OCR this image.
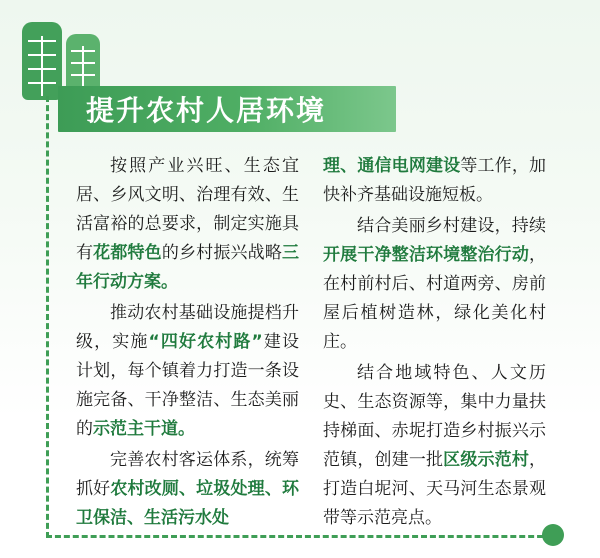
提升农村人居环境

按照产业兴旺、生态宜居、乡风文明、治理有效、生活富裕的总要求，制定实施具有花都特色的乡村振兴战略三年行动方案。

推动农村基础设施提档升级，实施“四好农村路”建设计划，每个镇着力打造一条设施完备、干净整洁、生态美丽的示范主干道。

完善农村客运体系，统筹抓好农村改厕、垃圾处理、环卫保洁、生活污水处

理、通信电网建设等工作，加快补齐基础设施短板。

结合美丽乡村建设，持续开展干净整洁环境整治行动，在村前村后、村道两旁、房前屋后植树造林，绿化美化村庄。

结合地域特色、人文历史、生态资源等，集中力量扶持梯面、赤坭打造乡村振兴示范镇，创建一批区级示范村，打造白坭河、天马河生态景观带等示范亮点。
